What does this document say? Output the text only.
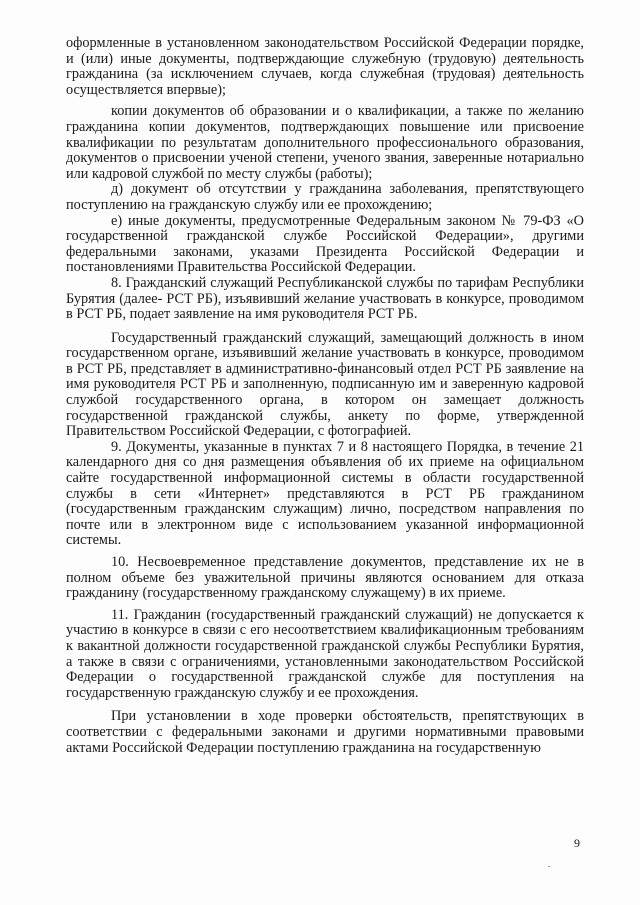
оформленные в установленном законодательством Российской Федерации порядке, и (или) иные документы, подтверждающие служебную (трудовую) деятельность гражданина (за исключением случаев, когда служебная (трудовая) деятельность осуществляется впервые);

копии документов об образовании и о квалификации, а также по желанию гражданина копии документов, подтверждающих повышение или присвоение квалификации по результатам дополнительного профессионального образования, документов о присвоении ученой степени, ученого звания, заверенные нотариально или кадровой службой по месту службы (работы);

д) документ об отсутствии у гражданина заболевания, препятствующего поступлению на гражданскую службу или ее прохождению;

е) иные документы, предусмотренные Федеральным законом № 79-ФЗ «О государственной гражданской службе Российской Федерации», другими федеральными законами, указами Президента Российской Федерации и постановлениями Правительства Российской Федерации.

8. Гражданский служащий Республиканской службы по тарифам Республики Бурятия (далее- РСТ РБ), изъявивший желание участвовать в конкурсе, проводимом в РСТ РБ, подает заявление на имя руководителя РСТ РБ.

Государственный гражданский служащий, замещающий должность в ином государственном органе, изъявивший желание участвовать в конкурсе, проводимом в РСТ РБ, представляет в административно-финансовый отдел РСТ РБ заявление на имя руководителя РСТ РБ и заполненную, подписанную им и заверенную кадровой службой государственного органа, в котором он замещает должность государственной гражданской службы, анкету по форме, утвержденной Правительством Российской Федерации, с фотографией.

9. Документы, указанные в пунктах 7 и 8 настоящего Порядка, в течение 21 календарного дня со дня размещения объявления об их приеме на официальном сайте государственной информационной системы в области государственной службы в сети «Интернет» представляются в РСТ РБ гражданином (государственным гражданским служащим) лично, посредством направления по почте или в электронном виде с использованием указанной информационной системы.

10. Несвоевременное представление документов, представление их не в полном объеме без уважительной причины являются основанием для отказа гражданину (государственному гражданскому служащему) в их приеме.

11. Гражданин (государственный гражданский служащий) не допускается к участию в конкурсе в связи с его несоответствием квалификационным требованиям к вакантной должности государственной гражданской службы Республики Бурятия, а также в связи с ограничениями, установленными законодательством Российской Федерации о государственной гражданской службе для поступления на государственную гражданскую службу и ее прохождения.

При установлении в ходе проверки обстоятельств, препятствующих в соответствии с федеральными законами и другими нормативными правовыми актами Российской Федерации поступлению гражданина на государственную

9
